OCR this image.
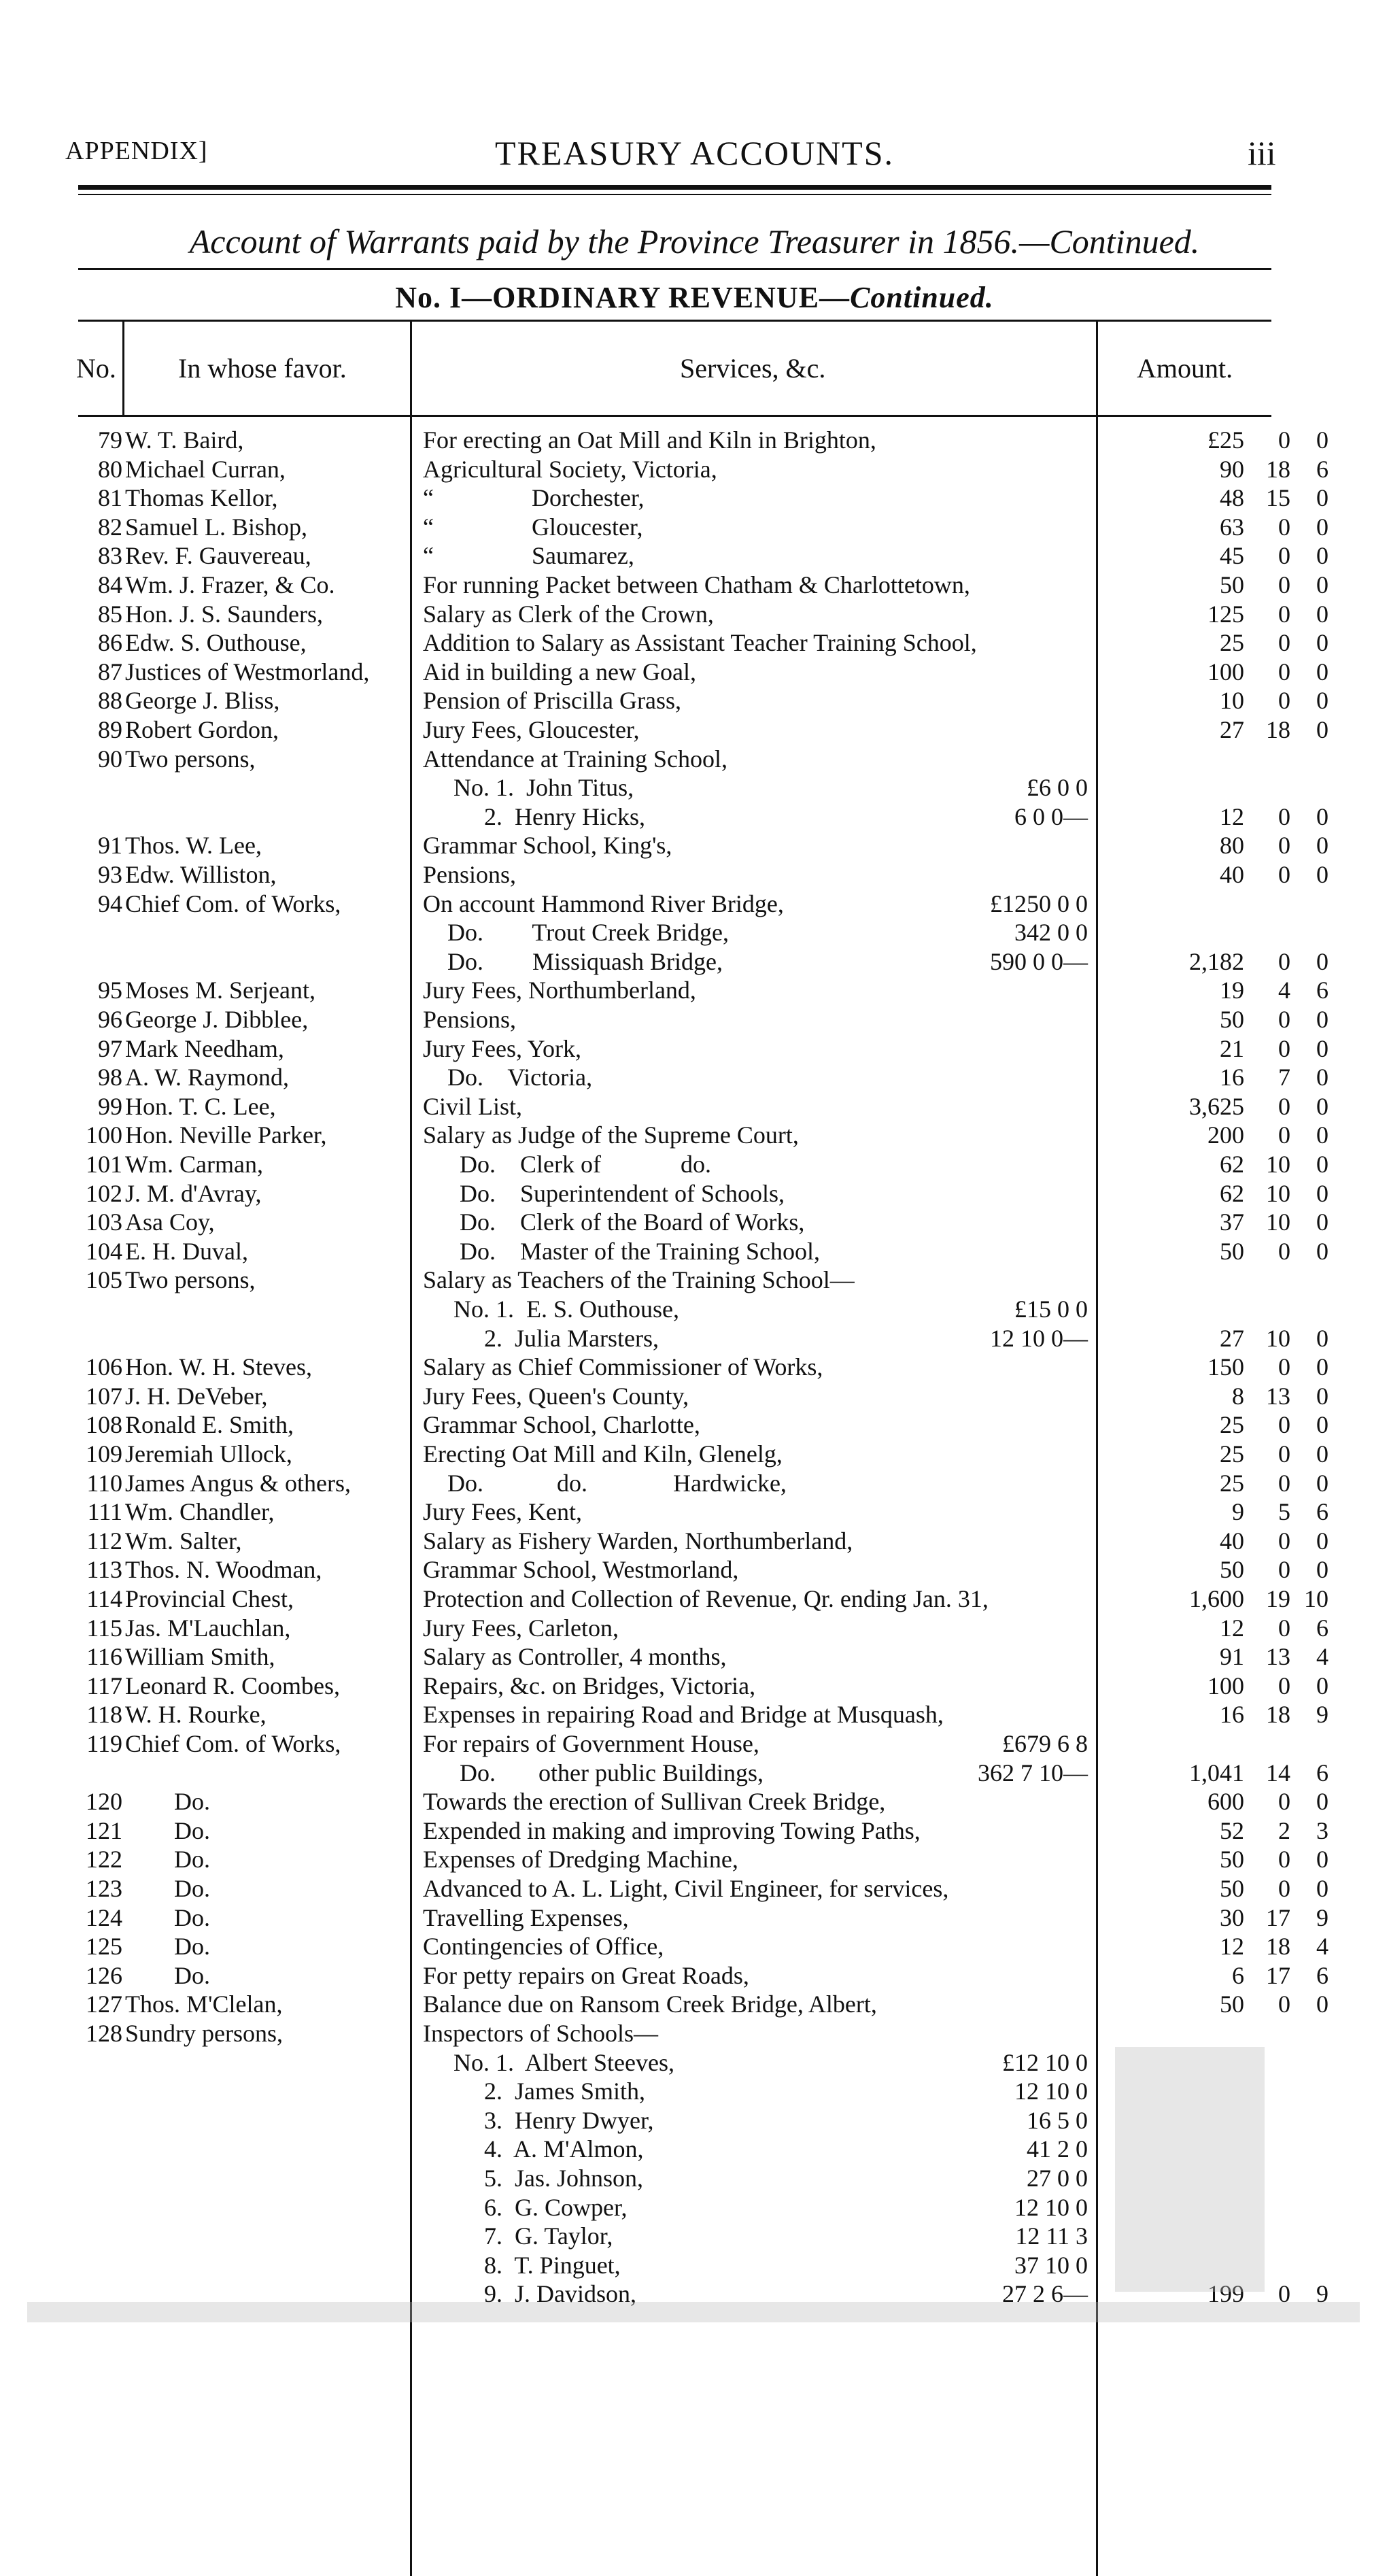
APPENDIX]	TREASURY ACCOUNTS.	iii
Account of Warrants paid by the Province Treasurer in 1856.—Continued.
No. I—ORDINARY REVENUE—Continued.
No. In whose favor.	Services, &c.	Amount.
79 W. T. Baird,	For erecting an Oat Mill and Kiln in Brighton,	£25	0	0
80 Michael Curran,	Agricultural Society, Victoria,	90 18	6
81 Thomas Kellor,	“                Dorchester,	48 15	0
82 Samuel L. Bishop,	“                Gloucester,	63	0	0
83 Rev. F. Gauvereau,	“                Saumarez,	45	0	0
84 Wm. J. Frazer, & Co.	For running Packet between Chatham & Charlottetown,	50	0	0
85 Hon. J. S. Saunders,	Salary as Clerk of the Crown,	125	0	0
86 Edw. S. Outhouse,	Addition to Salary as Assistant Teacher Training School,	25	0	0
87 Justices of Westmorland,	Aid in building a new Goal,	100	0	0
88 George J. Bliss,	Pension of Priscilla Grass,	10	0	0
89 Robert Gordon,	Jury Fees, Gloucester,	27 18	0
90 Two persons,	Attendance at Training School,
No. 1.  John Titus,	£6 0 0
2.  Henry Hicks,	6 0 0—	12	0	0
91 Thos. W. Lee,	Grammar School, King's,	80	0	0
93 Edw. Williston,	Pensions,	40	0	0
94 Chief Com. of Works,	On account Hammond River Bridge,	£1250 0 0
Do.        Trout Creek Bridge,	342 0 0
Do.        Missiquash Bridge,	590 0 0—	2,182	0	0
95 Moses M. Serjeant,	Jury Fees, Northumberland,	19	4	6
96 George J. Dibblee,	Pensions,	50	0	0
97 Mark Needham,	Jury Fees, York,	21	0	0
98 A. W. Raymond,	Do.    Victoria,	16	7	0
99 Hon. T. C. Lee,	Civil List,	3,625	0	0
100 Hon. Neville Parker,	Salary as Judge of the Supreme Court,	200	0	0
101 Wm. Carman,	Do.    Clerk of             do.	62 10	0
102 J. M. d'Avray,	Do.    Superintendent of Schools,	62 10	0
103 Asa Coy,	Do.    Clerk of the Board of Works,	37 10	0
104 E. H. Duval,	Do.    Master of the Training School,	50	0	0
105 Two persons,	Salary as Teachers of the Training School—
No. 1.  E. S. Outhouse,	£15 0 0
2.  Julia Marsters,	12 10 0—	27 10	0
106 Hon. W. H. Steves,	Salary as Chief Commissioner of Works,	150	0	0
107 J. H. DeVeber,	Jury Fees, Queen's County,	8 13	0
108 Ronald E. Smith,	Grammar School, Charlotte,	25	0	0
109 Jeremiah Ullock,	Erecting Oat Mill and Kiln, Glenelg,	25	0	0
110 James Angus & others,	Do.            do.              Hardwicke,	25	0	0
111 Wm. Chandler,	Jury Fees, Kent,	9	5	6
112 Wm. Salter,	Salary as Fishery Warden, Northumberland,	40	0	0
113 Thos. N. Woodman,	Grammar School, Westmorland,	50	0	0
114 Provincial Chest,	Protection and Collection of Revenue, Qr. ending Jan. 31,	1,600 19 10
115 Jas. M'Lauchlan,	Jury Fees, Carleton,	12	0	6
116 William Smith,	Salary as Controller, 4 months,	91 13	4
117 Leonard R. Coombes,	Repairs, &c. on Bridges, Victoria,	100	0	0
118 W. H. Rourke,	Expenses in repairing Road and Bridge at Musquash,	16 18	9
119 Chief Com. of Works,	For repairs of Government House,	£679 6 8
Do.       other public Buildings,	362 7 10—	1,041 14	6
120 Do.	Towards the erection of Sullivan Creek Bridge,	600	0	0
121 Do.	Expended in making and improving Towing Paths,	52	2	3
122 Do.	Expenses of Dredging Machine,	50	0	0
123 Do.	Advanced to A. L. Light, Civil Engineer, for services,	50	0	0
124 Do.	Travelling Expenses,	30 17	9
125 Do.	Contingencies of Office,	12 18	4
126 Do.	For petty repairs on Great Roads,	6 17	6
127 Thos. M'Clelan,	Balance due on Ransom Creek Bridge, Albert,	50	0	0
128 Sundry persons,	Inspectors of Schools—
No. 1.  Albert Steeves,	£12 10 0
2.  James Smith,	12 10 0
3.  Henry Dwyer,	16 5 0
4.  A. M'Almon,	41 2 0
5.  Jas. Johnson,	27 0 0
6.  G. Cowper,	12 10 0
7.  G. Taylor,	12 11 3
8.  T. Pinguet,	37 10 0
9.  J. Davidson,	27 2 6—	199	0	9
